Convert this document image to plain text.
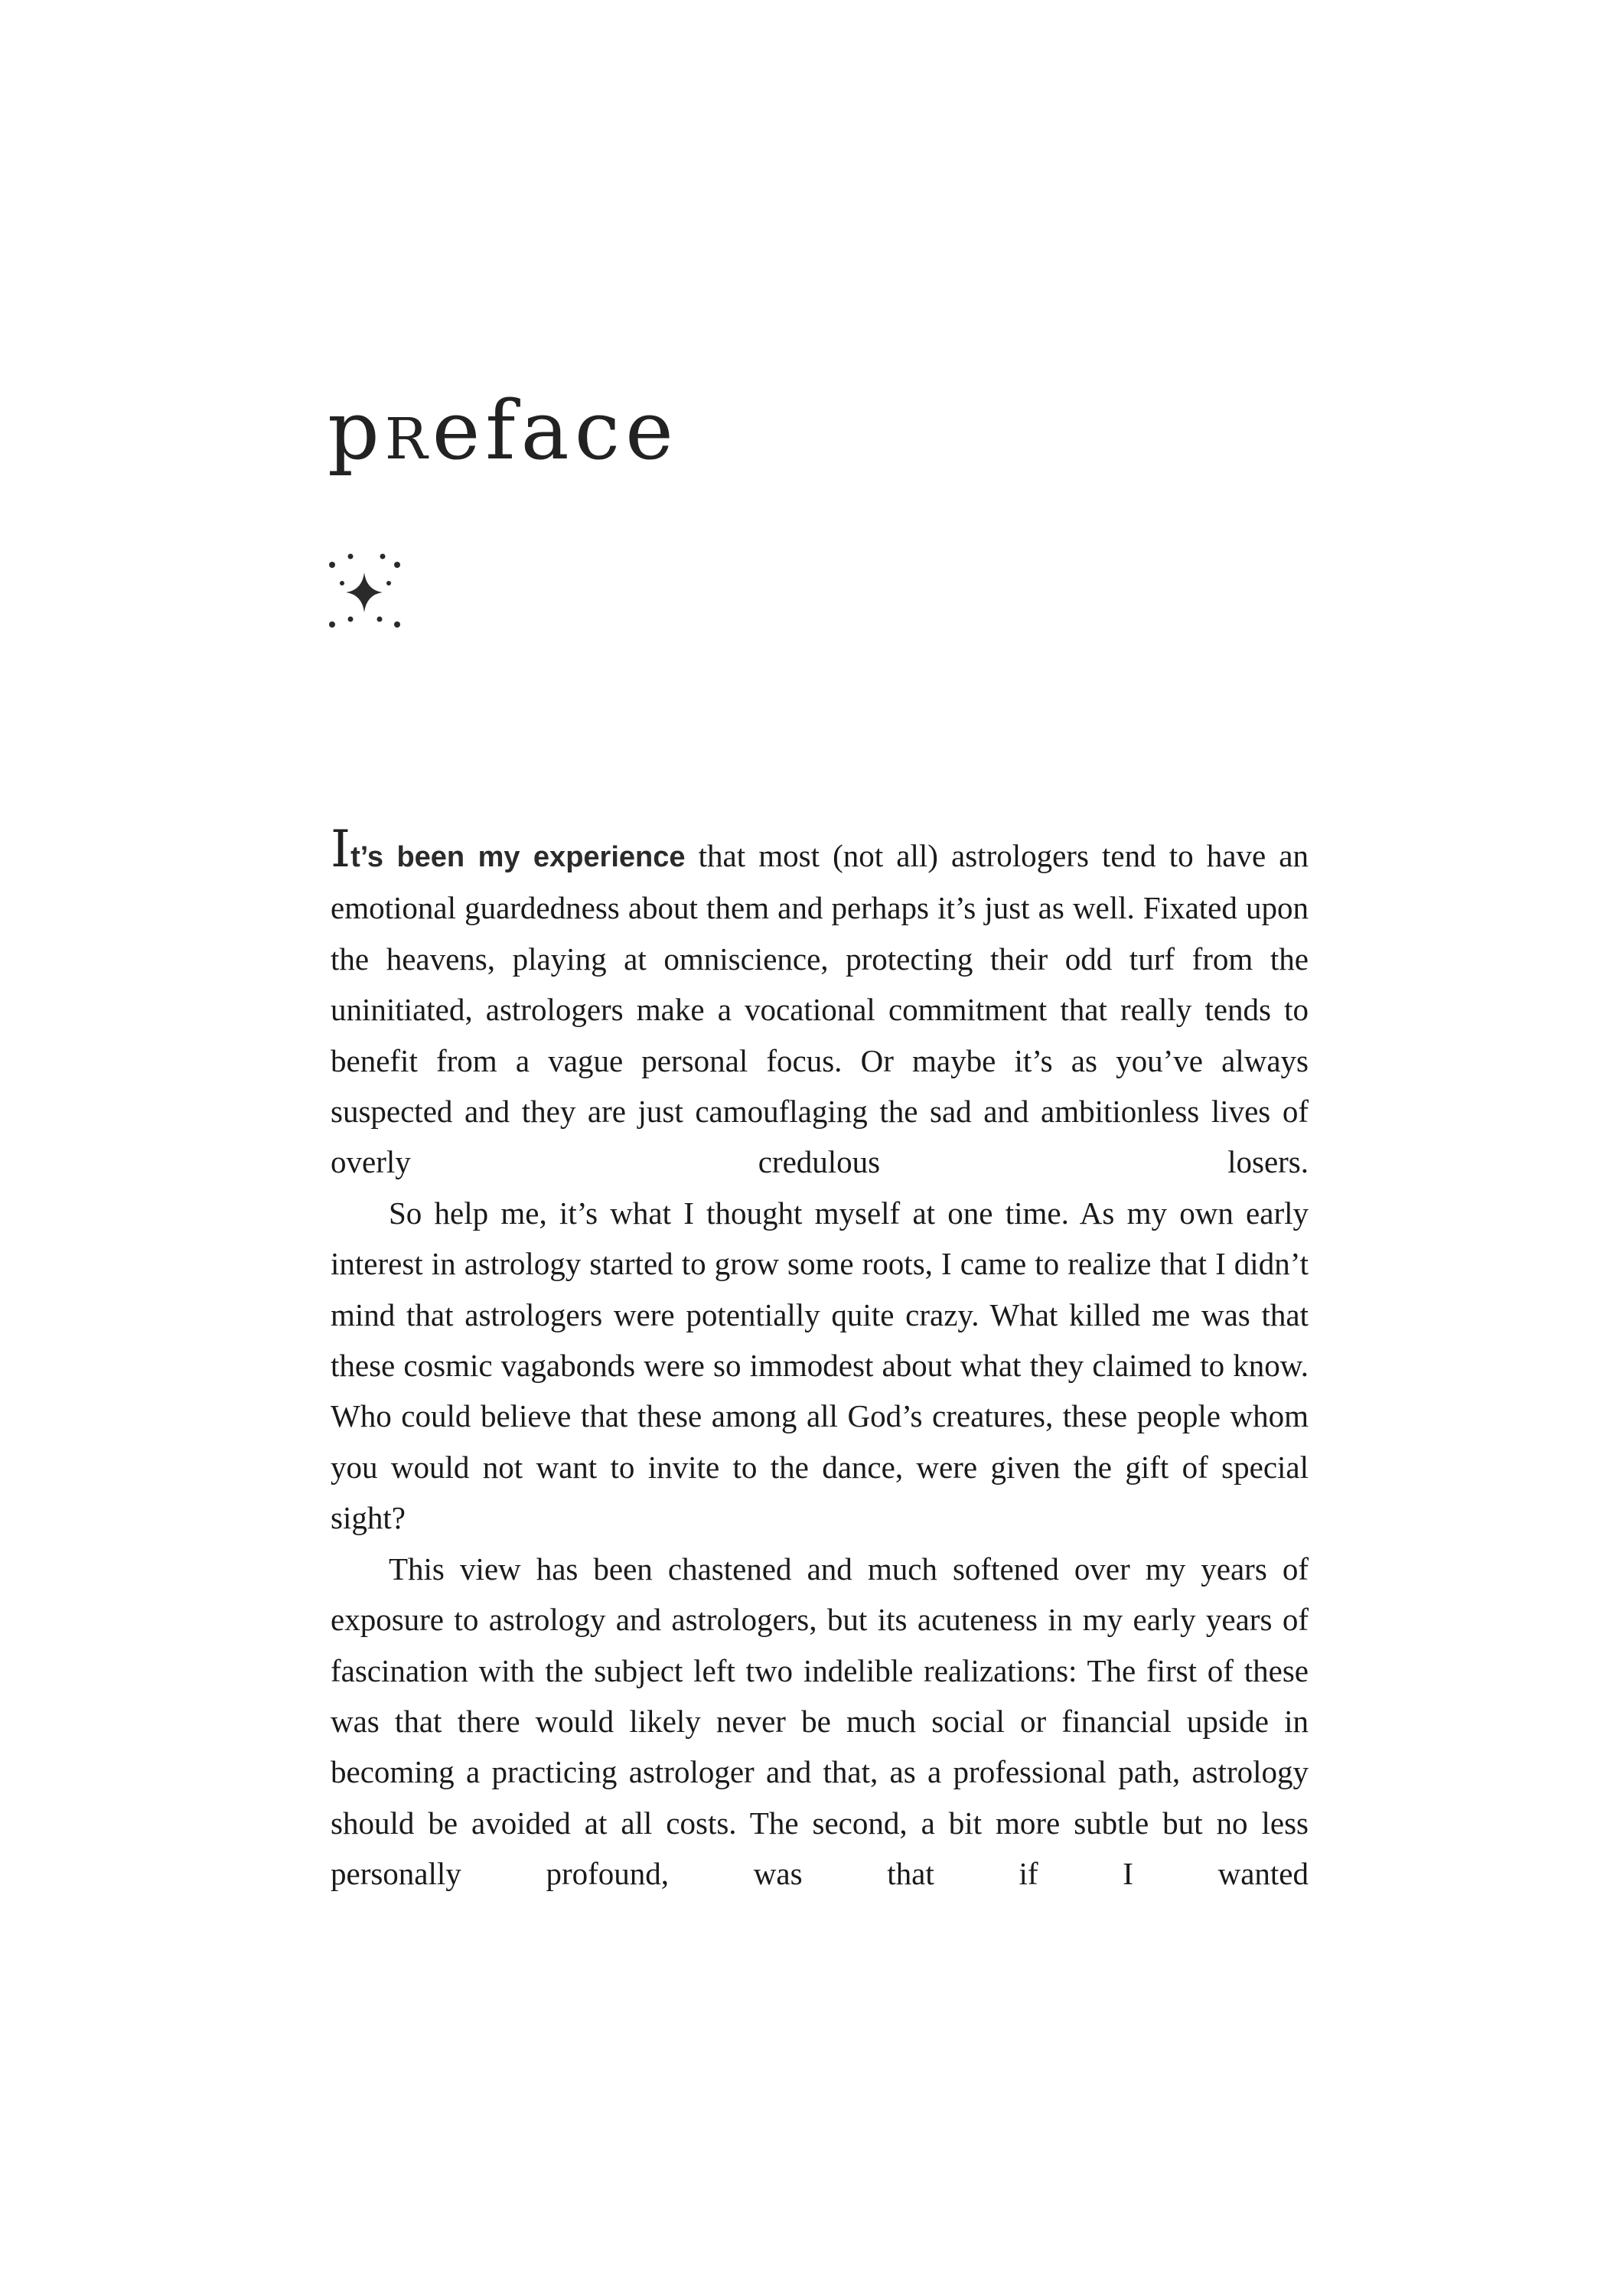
pReface

It’s been my experience that most (not all) astrologers tend to have an emotional guardedness about them and perhaps it’s just as well. Fixated upon the heavens, playing at omniscience, protecting their odd turf from the uninitiated, astrologers make a vocational commitment that really tends to benefit from a vague personal focus. Or maybe it’s as you’ve always suspected and they are just camouflaging the sad and ambitionless lives of overly credulous losers.

So help me, it’s what I thought myself at one time. As my own early interest in astrology started to grow some roots, I came to realize that I didn’t mind that astrologers were potentially quite crazy. What killed me was that these cosmic vagabonds were so immodest about what they claimed to know. Who could believe that these among all God’s creatures, these people whom you would not want to invite to the dance, were given the gift of special sight?

This view has been chastened and much softened over my years of exposure to astrology and astrologers, but its acuteness in my early years of fascination with the subject left two indelible realizations: The first of these was that there would likely never be much social or financial upside in becoming a practicing astrologer and that, as a professional path, astrology should be avoided at all costs. The second, a bit more subtle but no less personally profound, was that if I wanted
